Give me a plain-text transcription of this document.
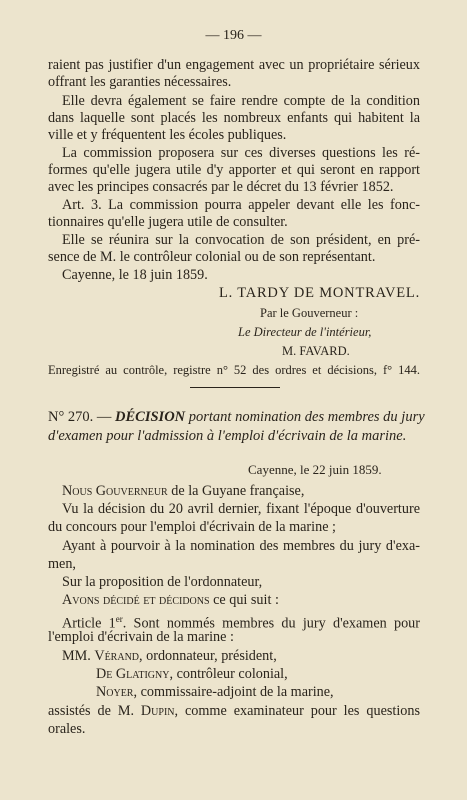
— 196 —
raient pas justifier d'un engagement avec un propriétaire sérieux
offrant les garanties nécessaires.
Elle devra également se faire rendre compte de la condition
dans laquelle sont placés les nombreux enfants qui habitent la
ville et y fréquentent les écoles publiques.
La commission proposera sur ces diverses questions les ré-
formes qu'elle jugera utile d'y apporter et qui seront en rapport
avec les principes consacrés par le décret du 13 février 1852.
Art. 3. La commission pourra appeler devant elle les fonc-
tionnaires qu'elle jugera utile de consulter.
Elle se réunira sur la convocation de son président, en pré-
sence de M. le contrôleur colonial ou de son représentant.
Cayenne, le 18 juin 1859.
L. TARDY DE MONTRAVEL.
Par le Gouverneur :
Le Directeur de l'intérieur,
M. FAVARD.
Enregistré au contrôle, registre n° 52 des ordres et décisions, f° 144.
N° 270. — DÉCISION portant nomination des membres du jury
d'examen pour l'admission à l'emploi d'écrivain de la marine.
Cayenne, le 22 juin 1859.
Nous Gouverneur de la Guyane française,
Vu la décision du 20 avril dernier, fixant l'époque d'ouverture
du concours pour l'emploi d'écrivain de la marine ;
Ayant à pourvoir à la nomination des membres du jury d'exa-
men,
Sur la proposition de l'ordonnateur,
Avons décidé et décidons ce qui suit :
Article 1er. Sont nommés membres du jury d'examen pour
l'emploi d'écrivain de la marine :
MM. Vérand, ordonnateur, président,
De Glatigny, contrôleur colonial,
Noyer, commissaire-adjoint de la marine,
assistés de M. Dupin, comme examinateur pour les questions
orales.
